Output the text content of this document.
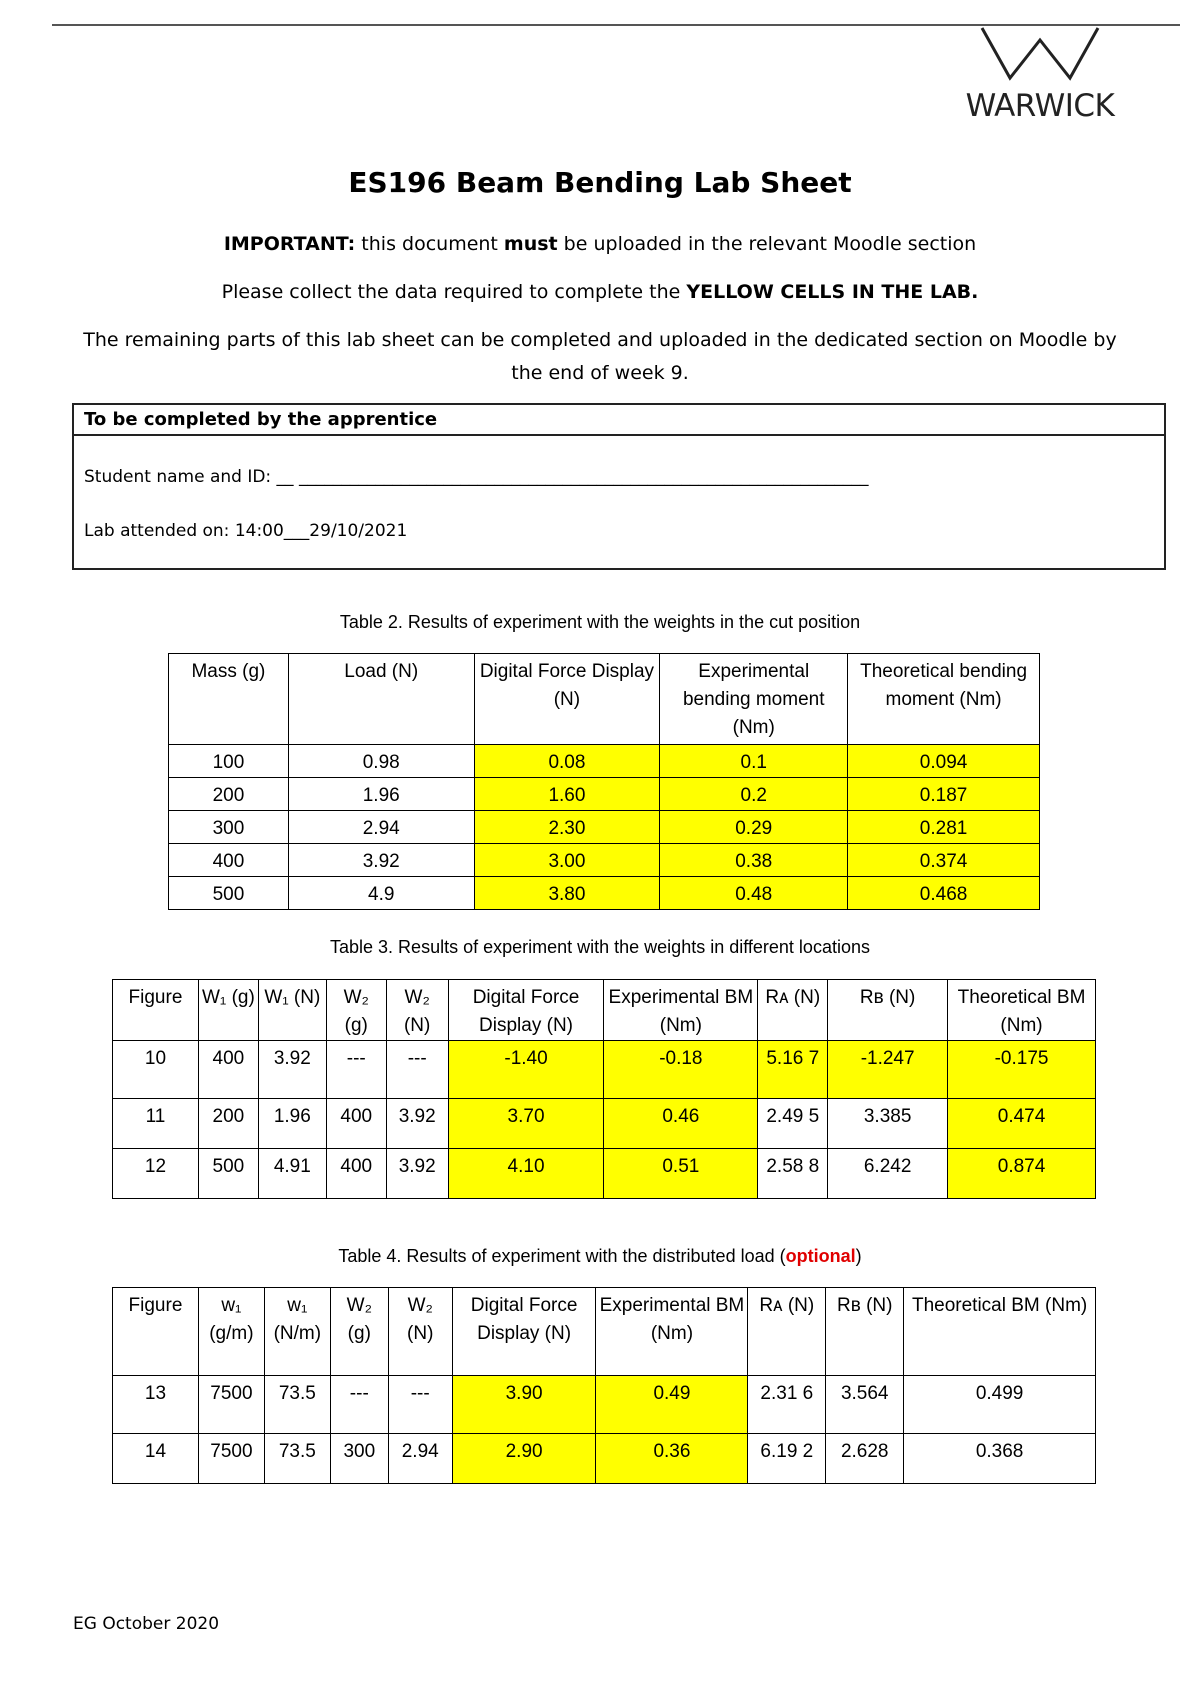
WARWICK
ES196 Beam Bending Lab Sheet
IMPORTANT: this document must be uploaded in the relevant Moodle section
Please collect the data required to complete the YELLOW CELLS IN THE LAB.
The remaining parts of this lab sheet can be completed and uploaded in the dedicated section on Moodle by the end of week 9.
To be completed by the apprentice
Student name and ID: __ ___________________________________________________________________
Lab attended on: 14:00___29/10/2021
Table 2. Results of experiment with the weights in the cut position
Mass (g)	Load (N)	Digital Force Display (N)	Experimental bending moment (Nm)	Theoretical bending moment (Nm)
100	0.98	0.08	0.1	0.094
200	1.96	1.60	0.2	0.187
300	2.94	2.30	0.29	0.281
400	3.92	3.00	0.38	0.374
500	4.9	3.80	0.48	0.468
Table 3. Results of experiment with the weights in different locations
Figure	W₁ (g)	W₁ (N)	W₂ (g)	W₂ (N)	Digital Force Display (N)	Experimental BM (Nm)	Rᴀ (N)	Rʙ (N)	Theoretical BM (Nm)
10	400	3.92	---	---	-1.40	-0.18	5.16 7	-1.247	-0.175
11	200	1.96	400	3.92	3.70	0.46	2.49 5	3.385	0.474
12	500	4.91	400	3.92	4.10	0.51	2.58 8	6.242	0.874
Table 4. Results of experiment with the distributed load (optional)
Figure	w₁ (g/m)	w₁ (N/m)	W₂ (g)	W₂ (N)	Digital Force Display (N)	Experimental BM (Nm)	Rᴀ (N)	Rʙ (N)	Theoretical BM (Nm)
13	7500	73.5	---	---	3.90	0.49	2.31 6	3.564	0.499
14	7500	73.5	300	2.94	2.90	0.36	6.19 2	2.628	0.368
EG October 2020
